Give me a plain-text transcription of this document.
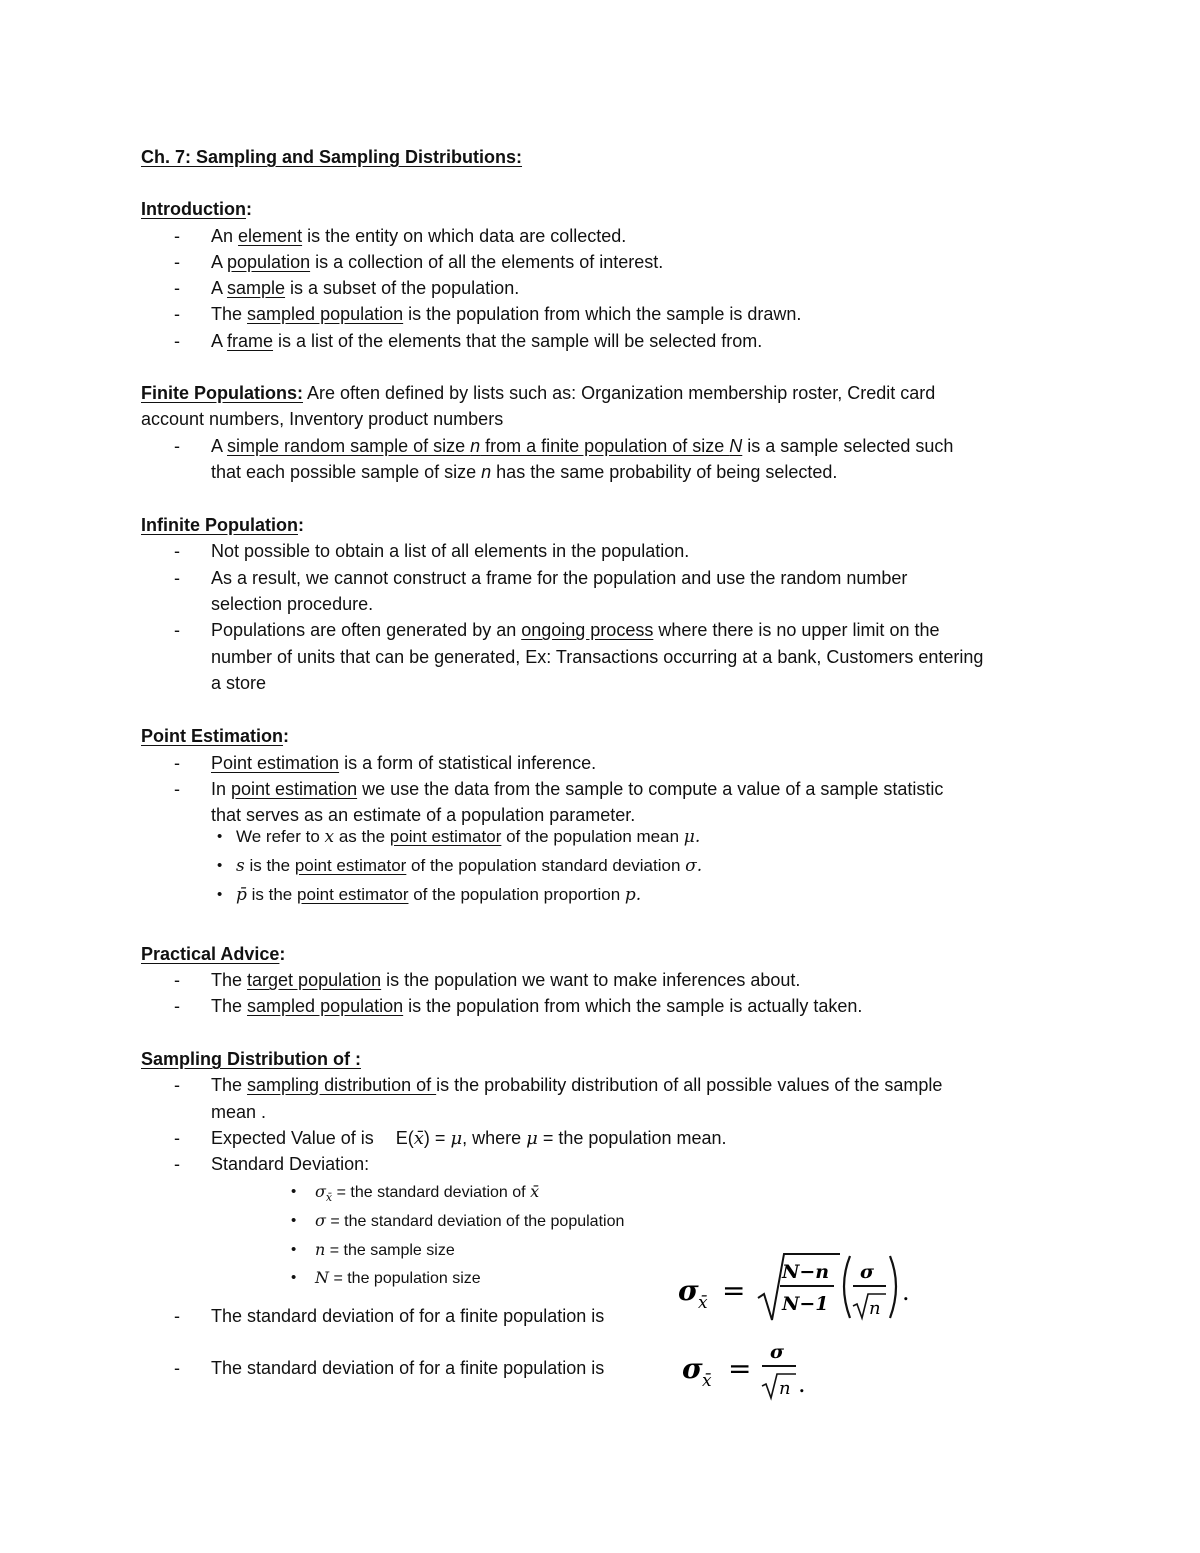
Ch. 7: Sampling and Sampling Distributions:
Introduction:
- An element is the entity on which data are collected.
- A population is a collection of all the elements of interest.
- A sample is a subset of the population.
- The sampled population is the population from which the sample is drawn.
- A frame is a list of the elements that the sample will be selected from.
Finite Populations: Are often defined by lists such as: Organization membership roster, Credit card
account numbers, Inventory product numbers
- A simple random sample of size n from a finite population of size N is a sample selected such
that each possible sample of size n has the same probability of being selected.
Infinite Population:
- Not possible to obtain a list of all elements in the population.
- As a result, we cannot construct a frame for the population and use the random number
selection procedure.
- Populations are often generated by an ongoing process where there is no upper limit on the
number of units that can be generated, Ex: Transactions occurring at a bank, Customers entering
a store
Point Estimation:
- Point estimation is a form of statistical inference.
- In point estimation we use the data from the sample to compute a value of a sample statistic
that serves as an estimate of a population parameter.
• We refer to x as the point estimator of the population mean μ.
• s is the point estimator of the population standard deviation σ.
• p̄ is the point estimator of the population proportion p.
Practical Advice:
- The target population is the population we want to make inferences about.
- The sampled population is the population from which the sample is actually taken.
Sampling Distribution of :
- The sampling distribution of is the probability distribution of all possible values of the sample
mean .
- Expected Value of is E(x̄) = μ, where μ = the population mean.
- Standard Deviation:
• $\sigma_{x̄}$ = the standard deviation of x̄
• σ = the standard deviation of the population
• n = the sample size
• N = the population size
- The standard deviation of for a finite population is
- The standard deviation of for a finite population is
σ x̄ =
N−n
N−1
σ
n
.
σ x̄ = σ
n .
